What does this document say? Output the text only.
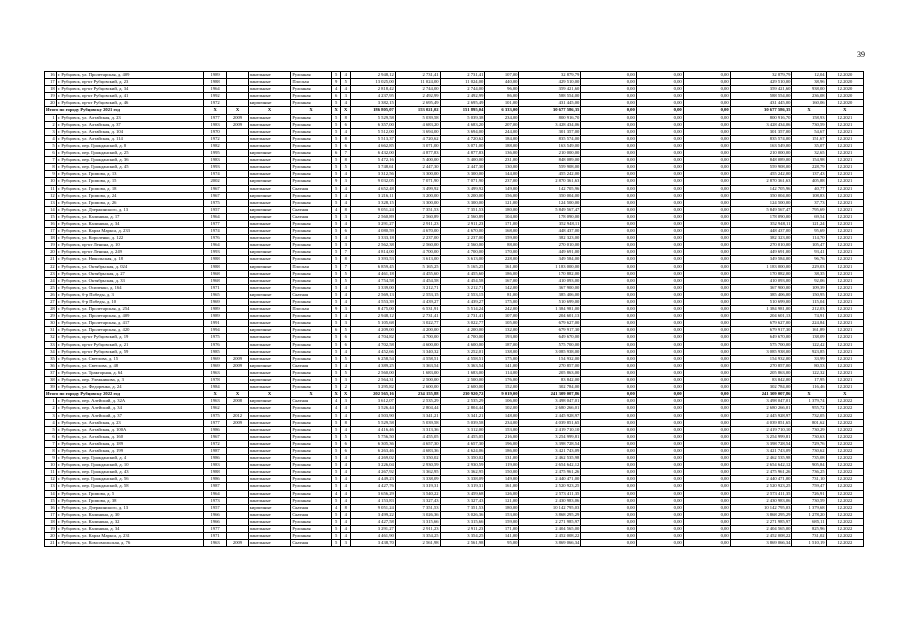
39
16	г. Рубцовск, ул. Пролетарская, д. 409	1989		панельные	Рулонная	5	4	2 948,12	2 731,41	2 731,41	107,00	32 879,79	0,00	0,00	0,00	32 879,79	12,04	12.2020
17	г. Рубцовск, пр-кт Рубцовский, д. 23	1988		панельные	Плоская	9	5	13 025,00	11 024,00	11 024,00	440,00	429 510,00	0,00	0,00	0,00	429 510,00	38,96	12.2020
18	г. Рубцовск, пр-кт Рубцовский, д. 34	1964		панельные	Рулонная	4	4	2 818,42	2 744,00	2 744,00	96,00	359 421,60	0,00	0,00	0,00	359 421,60	938,00	12.2020
19	г. Рубцовск, пр-кт Рубцовский, д. 41	1992		панельные	Рулонная	6	3	4 237,95	2 492,99	2 492,99	86,00	588 554,00	0,00	0,00	0,00	588 554,00	236,08	12.2020
20	г. Рубцовск, пр-кт Рубцовский, д. 46	1972		кирпичные	Рулонная	5	4	3 382,15	2 695,49	2 695,49	101,00	431 445,00	0,00	0,00	0,00	431 445,00	160,06	12.2020
Итого по городу Рубцовску 2021 год		X	X	X	X	X	X	186 805,07	153 021,02	151 895,04	6 333,00	30 677 586,35	0,00	0,00	0,00	30 677 586,35	X	X
1	г. Рубцовск, ул. Алтайская, д. 23	1977	2009	панельные	Рулонная	5	8	5 529,58	5 039,58	5 039,38	234,00	800 916,70	0,00	0,00	0,00	800 916,70	158,93	12.2021
2	г. Рубцовск, ул. Алтайская, д. 37	1983	2009	панельные	Рулонная	5	6	6 357,00	4 683,20	4 683,20	207,00	3 428 434,06	0,00	0,00	0,00	3 428 434,06	730,59	12.2021
3	г. Рубцовск, ул. Алтайская, д. 104	1970		панельные	Рулонная	5	4	5 512,00	3 694,00	3 694,00	244,00	301 357,00	0,00	0,00	0,00	301 357,00	54,67	12.2021
4	г. Рубцовск, ул. Алтайская, д. 114	1972		панельные	Рулонная	5	8	5 513,37	4 720,62	4 720,62	184,00	835 574,00	0,00	0,00	0,00	835 574,00	151,67	12.2021
5	г. Рубцовск, пер. Гражданский, д. 8	1982		панельные	Рулонная	5	6	4 662,85	3 071,00	3 071,00	188,00	163 549,00	0,00	0,00	0,00	163 549,00	35,07	12.2021
6	г. Рубцовск, пер. Гражданский, д. 25	1995		кирпичные	Рулонная	6	7	6 432,00	4 877,83	4 877,83	136,00	210 000,00	0,00	0,00	0,00	210 000,00	32,65	12.2021
7	г. Рубцовск, пер. Гражданский, д. 36	1983		панельные	Рулонная	5	8	5 472,16	5 400,00	5 400,00	231,00	848 089,00	0,00	0,00	0,00	848 089,00	154,98	12.2021
8	г. Рубцовск, пер. Гражданский, д. 45	1993		панельные	Рулонная	5	5	3 748,61	2 447,30	2 447,30	130,00	559 908,00	0,00	0,00	0,00	559 908,00	228,79	12.2021
9	г. Рубцовск, ул. Громова, д. 13	1974		панельные	Рулонная	5	4	3 312,56	3 300,00	3 300,00	144,00	455 242,00	0,00	0,00	0,00	455 242,00	137,43	12.2021
10	г. Рубцовск, ул. Громова, д. 15	2002		кирпичные	Рулонная	9	3	9 032,05	7 071,90	7 071,90	237,00	2 870 361,63	0,00	0,00	0,00	2 870 361,63	405,88	12.2021
11	г. Рубцовск, ул. Громова, д. 18	1967		панельные	Скатная	5	4	4 652,48	3 499,92	3 499,92	149,00	142 705,96	0,00	0,00	0,00	142 705,96	40,77	12.2021
12	г. Рубцовск, ул. Громова, д. 24	1967		кирпичные	Рулонная	5	4	3 216,11	3 200,00	3 200,00	156,00	350 004,00	0,00	0,00	0,00	350 004,00	108,83	12.2021
13	г. Рубцовск, ул. Громова, д. 26	1975		панельные	Рулонная	5	4	3 328,15	3 300,00	3 300,00	121,00	124 500,00	0,00	0,00	0,00	124 500,00	37,73	12.2021
14	г. Рубцовск, ул. Дзержинского, д. 13	1957		кирпичные	Скатная	4	8	9 051,24	7 351,53	7 351,53	180,00	5 849 567,47	0,00	0,00	0,00	5 849 567,47	795,69	12.2021
15	г. Рубцовск, ул. Калинина, д. 17	1964		кирпичные	Скатная	5	3	2 560,89	2 560,89	2 560,89	104,00	178 090,00	0,00	0,00	0,00	178 090,00	69,54	12.2021
16	г. Рубцовск, ул. Калинина, д. 34	1977		панельные	Рулонная	5	4	3 291,27	2 911,23	2 911,23	171,00	352 948,11	0,00	0,00	0,00	352 948,11	121,24	12.2021
17	г. Рубцовск, ул. Карла Маркса, д. 233	1974		панельные	Рулонная	5	6	4 080,59	4 670,00	4 670,00	168,00	448 437,00	0,00	0,00	0,00	448 437,00	95,69	12.2021
18	г. Рубцовск, ул. Короленко, д. 122	1976		панельные	Рулонная	5	4	3 333,18	2 237,00	2 237,00	159,00	382 323,00	0,00	0,00	0,00	382 323,00	114,70	12.2021
19	г. Рубцовск, пр-кт Ленина, д. 10	1964		панельные	Рулонная	5	3	2 562,38	2 560,00	2 560,00	88,00	270 010,00	0,00	0,00	0,00	270 010,00	105,47	12.2021
20	г. Рубцовск, пр-кт Ленина, д. 249	1993		кирпичные	Рулонная	5	7	4 814,00	4 700,00	4 700,00	170,00	449 691,00	0,00	0,00	0,00	449 691,00	93,41	12.2021
21	г. Рубцовск, ул. Никольская, д. 18	1988		панельные	Рулонная	5	8	3 393,53	3 613,00	3 613,00	228,00	349 584,00	0,00	0,00	0,00	349 584,00	96,76	12.2021
22	г. Рубцовск, ул. Октябрьская, д. 024	1988		кирпичные	Плоская	5	7	6 859,45	5 165,25	5 165,25	161,00	1 183 000,00	0,00	0,00	0,00	1 183 000,00	229,03	12.2021
23	г. Рубцовск, ул. Октябрьская, д. 27	1968		панельные	Рулонная	5	5	4 461,18	4 455,60	4 455,60	186,00	170 882,00	0,00	0,00	0,00	170 882,00	38,35	12.2021
24	г. Рубцовск, ул. Октябрьская, д. 33	1968		панельные	Рулонная	5	5	4 754,58	4 454,58	4 454,58	167,00	410 093,00	0,00	0,00	0,00	410 093,00	92,06	12.2021
25	г. Рубцовск, ул. Осипенко, д. 164	1971		панельные	Рулонная	5	4	3 339,00	3 212,71	3 212,71	142,00	367 900,00	0,00	0,00	0,00	367 900,00	109,39	12.2021
26	г. Рубцовск, б-р Победы, д. 3	1965		кирпичные	Скатная	5	4	2 569,13	2 553,15	2 553,15	81,00	385 406,00	0,00	0,00	0,00	385 406,00	150,95	12.2021
27	г. Рубцовск, б-р Победы, д. 10	1969		панельные	Рулонная	5	4	4 553,39	4 439,27	4 439,27	175,00	510 699,00	0,00	0,00	0,00	510 699,00	115,04	12.2021
28	г. Рубцовск, ул. Пролетарская, д. 254	1989		панельные	Плоская	9	3	8 475,00	6 531,91	5 514,24	242,00	1 384 981,00	0,00	0,00	0,00	1 384 981,00	212,03	12.2021
29	г. Рубцовск, ул. Пролетарская, д. 409	1989		панельные	Рулонная	5	4	2 948,12	2 731,41	2 731,41	107,00	204 601,13	0,00	0,00	0,00	204 601,13	74,91	12.2021
30	г. Рубцовск, ул. Пролетарская, д. 417	1991		панельные	Рулонная	5	3	5 105,68	3 022,77	3 022,77	105,00	679 627,00	0,00	0,00	0,00	679 627,00	224,84	12.2021
31	г. Рубцовск, ул. Пролетарская, д. 420	1994		кирпичные	Рулонная	6	5	4 209,00	4 200,00	4 200,00	132,00	679 917,30	0,00	0,00	0,00	679 917,30	161,89	12.2021
32	г. Рубцовск, пр-кт Рубцовский, д. 19	1975		панельные	Рулонная	5	6	4 704,82	4 700,00	4 700,00	193,00	649 670,00	0,00	0,00	0,00	649 670,00	138,09	12.2021
33	г. Рубцовск, пр-кт Рубцовский, д. 21	1976		панельные	Рулонная	5	6	4 702,58	4 600,00	4 600,00	187,00	575 700,00	0,00	0,00	0,00	575 700,00	122,42	12.2021
34	г. Рубцовск, пр-кт Рубцовский, д. 59	1985		панельные	Рулонная	5	4	4 452,66	3 340,32	3 252,01	138,00	3 085 938,00	0,00	0,00	0,00	3 085 938,00	923,85	12.2021
35	г. Рубцовск, ул. Светлова, д. 15	1969	2009	панельные	Рулонная	5	5	6 258,54	4 558,51	4 558,51	175,00	154 932,00	0,00	0,00	0,00	154 932,00	33,99	12.2021
36	г. Рубцовск, ул. Светлова, д. 48	1969	2009	кирпичные	Скатная	5	4	4 389,25	3 363,54	3 363,54	141,00	270 857,00	0,00	0,00	0,00	270 857,00	80,53	12.2021
37	г. Рубцовск, ул. Тракторная, д. 64	1963		панельные	Рулонная	5	5	2 560,00	1 683,00	1 683,00	114,00	205 863,00	0,00	0,00	0,00	205 863,00	122,32	12.2021
38	г. Рубцовск, пер. Улежникова, д. 3	1978		кирпичные	Рулонная	5	3	2 564,31	2 500,00	2 500,00	176,00	83 842,00	0,00	0,00	0,00	83 842,00	17,95	12.2021
39	г. Рубцовск, ул. Федоренко, д. 24	1984		панельные	Рулонная	5	2	3 295,82	2 600,00	2 600,00	152,00	302 784,00	0,00	0,00	0,00	302 784,00	116,46	12.2021
Итого по городу Рубцовску 2022 год		X	X	X	X	X	X	202 565,16	234 155,88	230 920,72	9 019,00	241 309 007,86	0,00	0,00	0,00	241 309 007,86	X	X
1	г. Рубцовск, пер. Алейский, д. 32А	1963	2008	кирпичные	Скатная	4	3	3 612,07	2 535,29	2 535,29	106,00	3 498 047,01	0,00	0,00	0,00	3 498 047,01	1 379,74	12.2022
2	г. Рубцовск, пер. Алейский, д. 34	1962		панельные	Рулонная	4	4	3 526,44	2 804,44	2 804,44	102,00	2 680 266,01	0,00	0,00	0,00	2 680 266,01	955,72	12.2022
3	г. Рубцовск, пер. Алейский, д. 37	1975	2012	панельные	Рулонная	5	4	4 503,90	3 341,21	3 341,21	148,00	2 445 928,97	0,00	0,00	0,00	2 445 928,97	732,05	12.2022
4	г. Рубцовск, ул. Алтайская, д. 23	1977	2009	панельные	Рулонная	5	8	5 529,58	5 039,58	5 039,58	234,00	4 039 851,65	0,00	0,00	0,00	4 039 851,65	801,62	12.2022
5	г. Рубцовск, ул. Алтайская, д. 100А	1986		панельные	Рулонная	5	4	4 416,46	3 313,36	3 312,00	153,00	2 419 710,10	0,00	0,00	0,00	2 419 710,10	730,29	12.2022
6	г. Рубцовск, ул. Алтайская, д. 160	1967		панельные	Рулонная	5	5	5 756,50	4 455,05	4 455,05	216,00	3 254 999,81	0,00	0,00	0,00	3 254 999,81	730,63	12.2022
7	г. Рубцовск, ул. Алтайская, д. 189	1972		панельные	Рулонная	5	6	6 305,36	4 657,30	4 657,30	196,00	3 398 728,54	0,00	0,00	0,00	3 398 728,54	729,76	12.2022
8	г. Рубцовск, ул. Алтайская, д. 199	1987		панельные	Рулонная	5	6	6 263,46	4 683,36	4 624,06	186,00	3 421 743,09	0,00	0,00	0,00	3 421 743,09	730,62	12.2022
9	г. Рубцовск, пер. Гражданский, д. 4	1986		панельные	Рулонная	5	4	4 269,02	3 350,02	3 350,02	131,00	2 462 535,98	0,00	0,00	0,00	2 462 535,98	735,08	12.2022
10	г. Рубцовск, пер. Гражданский, д. 10	1983		панельные	Рулонная	5	4	3 226,04	2 930,59	2 930,59	119,00	2 654 642,12	0,00	0,00	0,00	2 654 642,12	905,84	12.2022
11	г. Рубцовск, пер. Гражданский, д. 43	1988		панельные	Рулонная	5	4	4 267,92	3 362,95	3 362,95	150,00	2 475 961,26	0,00	0,00	0,00	2 475 961,26	736,25	12.2022
12	г. Рубцовск, пер. Гражданский, д. 56	1986		панельные	Рулонная	5	4	4 449,23	3 338,09	3 338,09	149,00	2 440 471,00	0,00	0,00	0,00	2 440 471,00	731,10	12.2022
13	г. Рубцовск, пер. Гражданский, д. 58	1987		панельные	Рулонная	5	4	4 427,76	3 319,31	3 319,31	161,00	2 520 923,25	0,00	0,00	0,00	2 520 923,25	759,47	12.2022
14	г. Рубцовск, ул. Громова, д. 5	1964		панельные	Рулонная	4	4	3 656,29	3 540,22	3 459,68	126,00	2 573 411,35	0,00	0,00	0,00	2 573 411,35	726,91	12.2022
15	г. Рубцовск, ул. Громова, д. 38	1973		панельные	Рулонная	5	4	4 153,83	3 327,43	3 327,43	121,00	2 430 983,06	0,00	0,00	0,00	2 430 983,06	730,59	12.2022
16	г. Рубцовск, ул. Дзержинского, д. 13	1957		кирпичные	Скатная	4	8	9 051,24	7 351,53	7 351,53	180,00	10 142 795,03	0,00	0,00	0,00	10 142 795,03	1 379,68	12.2022
17	г. Рубцовск, ул. Калинина, д. 30	1966		панельные	Скатная	5	4	3 499,22	3 026,36	3 026,36	153,00	3 868 295,29	0,00	0,00	0,00	3 868 295,29	1 278,20	12.2022
18	г. Рубцовск, ул. Калинина, д. 32	1966		панельные	Рулонная	5	4	4 427,58	3 315,66	3 315,66	159,00	2 271 985,97	0,00	0,00	0,00	2 271 985,97	685,11	12.2022
19	г. Рубцовск, ул. Калинина, д. 34	1977		панельные	Рулонная	5	4	3 291,27	2 911,23	2 911,23	171,00	2 404 565,00	0,00	0,00	0,00	2 404 565,00	825,96	12.2022
20	г. Рубцовск, ул. Карла Маркса, д. 231	1971		панельные	Рулонная	5	4	4 461,90	3 354,25	3 354,25	141,00	2 452 008,22	0,00	0,00	0,00	2 452 008,22	731,02	12.2022
21	г. Рубцовск, ул. Комсомольская, д. 76	1963	2009	панельные	Скатная	5	3	3 438,70	2 561,98	2 561,98	95,00	3 869 066,34	0,00	0,00	0,00	3 869 066,34	1 510,19	12.2022
